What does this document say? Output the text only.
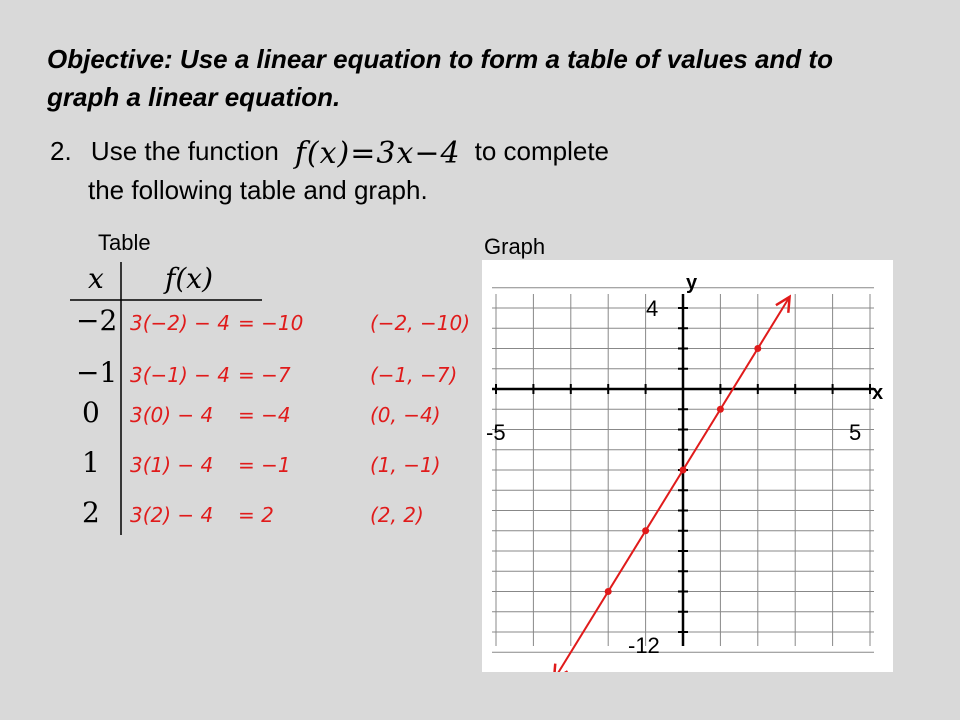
Objective: Use a linear equation to form a table of values and to graph a linear equation.
2. Use the function f(x)=3x−4 to complete
the following table and graph.
Table	Graph
x f(x)
−2 3(−2) − 4 = −10	(−2, −10)
−1 3(−1) − 4 = −7	(−1, −7)
0 3(0) − 4 = −4	(0, −4)
1 3(1) − 4 = −1	(1, −1)
2 3(2) − 4 = 2	(2, 2)
y
x
4
-12
-5	5
